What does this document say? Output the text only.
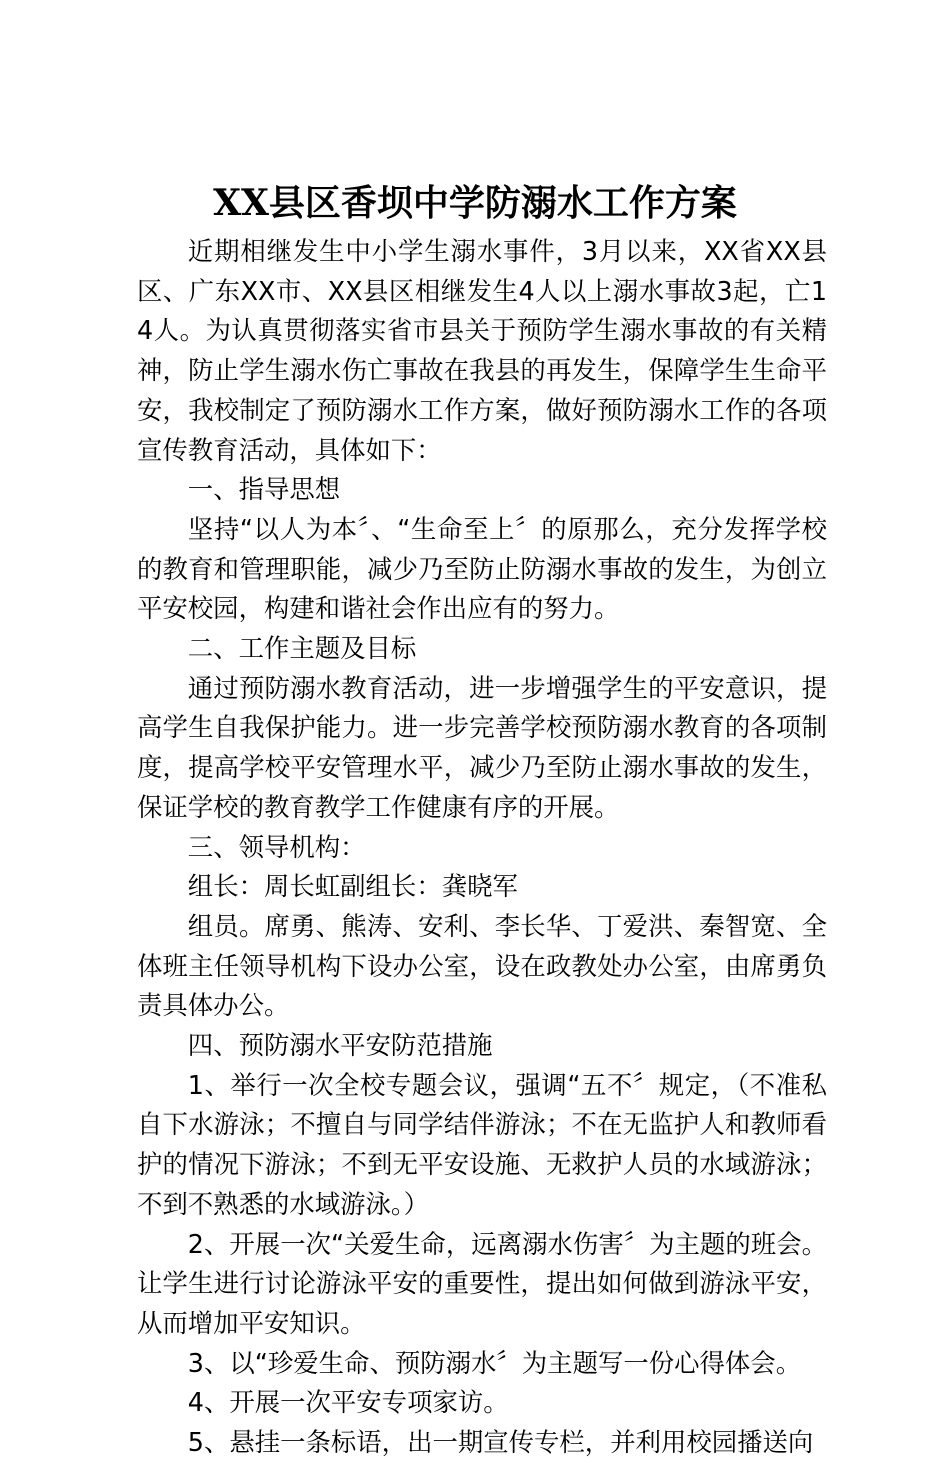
XX县区香坝中学防溺水工作方案

近期相继发生中小学生溺水事件，3月以来，XX省XX县区、广东XX市、XX县区相继发生4人以上溺水事故3起，亡14人。为认真贯彻落实省市县关于预防学生溺水事故的有关精神，防止学生溺水伤亡事故在我县的再发生，保障学生生命平安，我校制定了预防溺水工作方案，做好预防溺水工作的各项宣传教育活动，具体如下：

一、指导思想

坚持“以人为本〞、“生命至上〞的原那么，充分发挥学校的教育和管理职能，减少乃至防止防溺水事故的发生，为创立平安校园，构建和谐社会作出应有的努力。

二、工作主题及目标

通过预防溺水教育活动，进一步增强学生的平安意识，提高学生自我保护能力。进一步完善学校预防溺水教育的各项制度，提高学校平安管理水平，减少乃至防止溺水事故的发生，保证学校的教育教学工作健康有序的开展。

三、领导机构：

组长：周长虹副组长：龚晓军

组员。席勇、熊涛、安利、李长华、丁爱洪、秦智宽、全体班主任领导机构下设办公室，设在政教处办公室，由席勇负责具体办公。

四、预防溺水平安防范措施

1、举行一次全校专题会议，强调“五不〞规定，（不准私自下水游泳；不擅自与同学结伴游泳；不在无监护人和教师看护的情况下游泳；不到无平安设施、无救护人员的水域游泳；不到不熟悉的水域游泳。）

2、开展一次“关爱生命，远离溺水伤害〞为主题的班会。让学生进行讨论游泳平安的重要性，提出如何做到游泳平安，从而增加平安知识。

3、以“珍爱生命、预防溺水〞为主题写一份心得体会。

4、开展一次平安专项家访。

5、悬挂一条标语，出一期宣传专栏，并利用校园播送向
